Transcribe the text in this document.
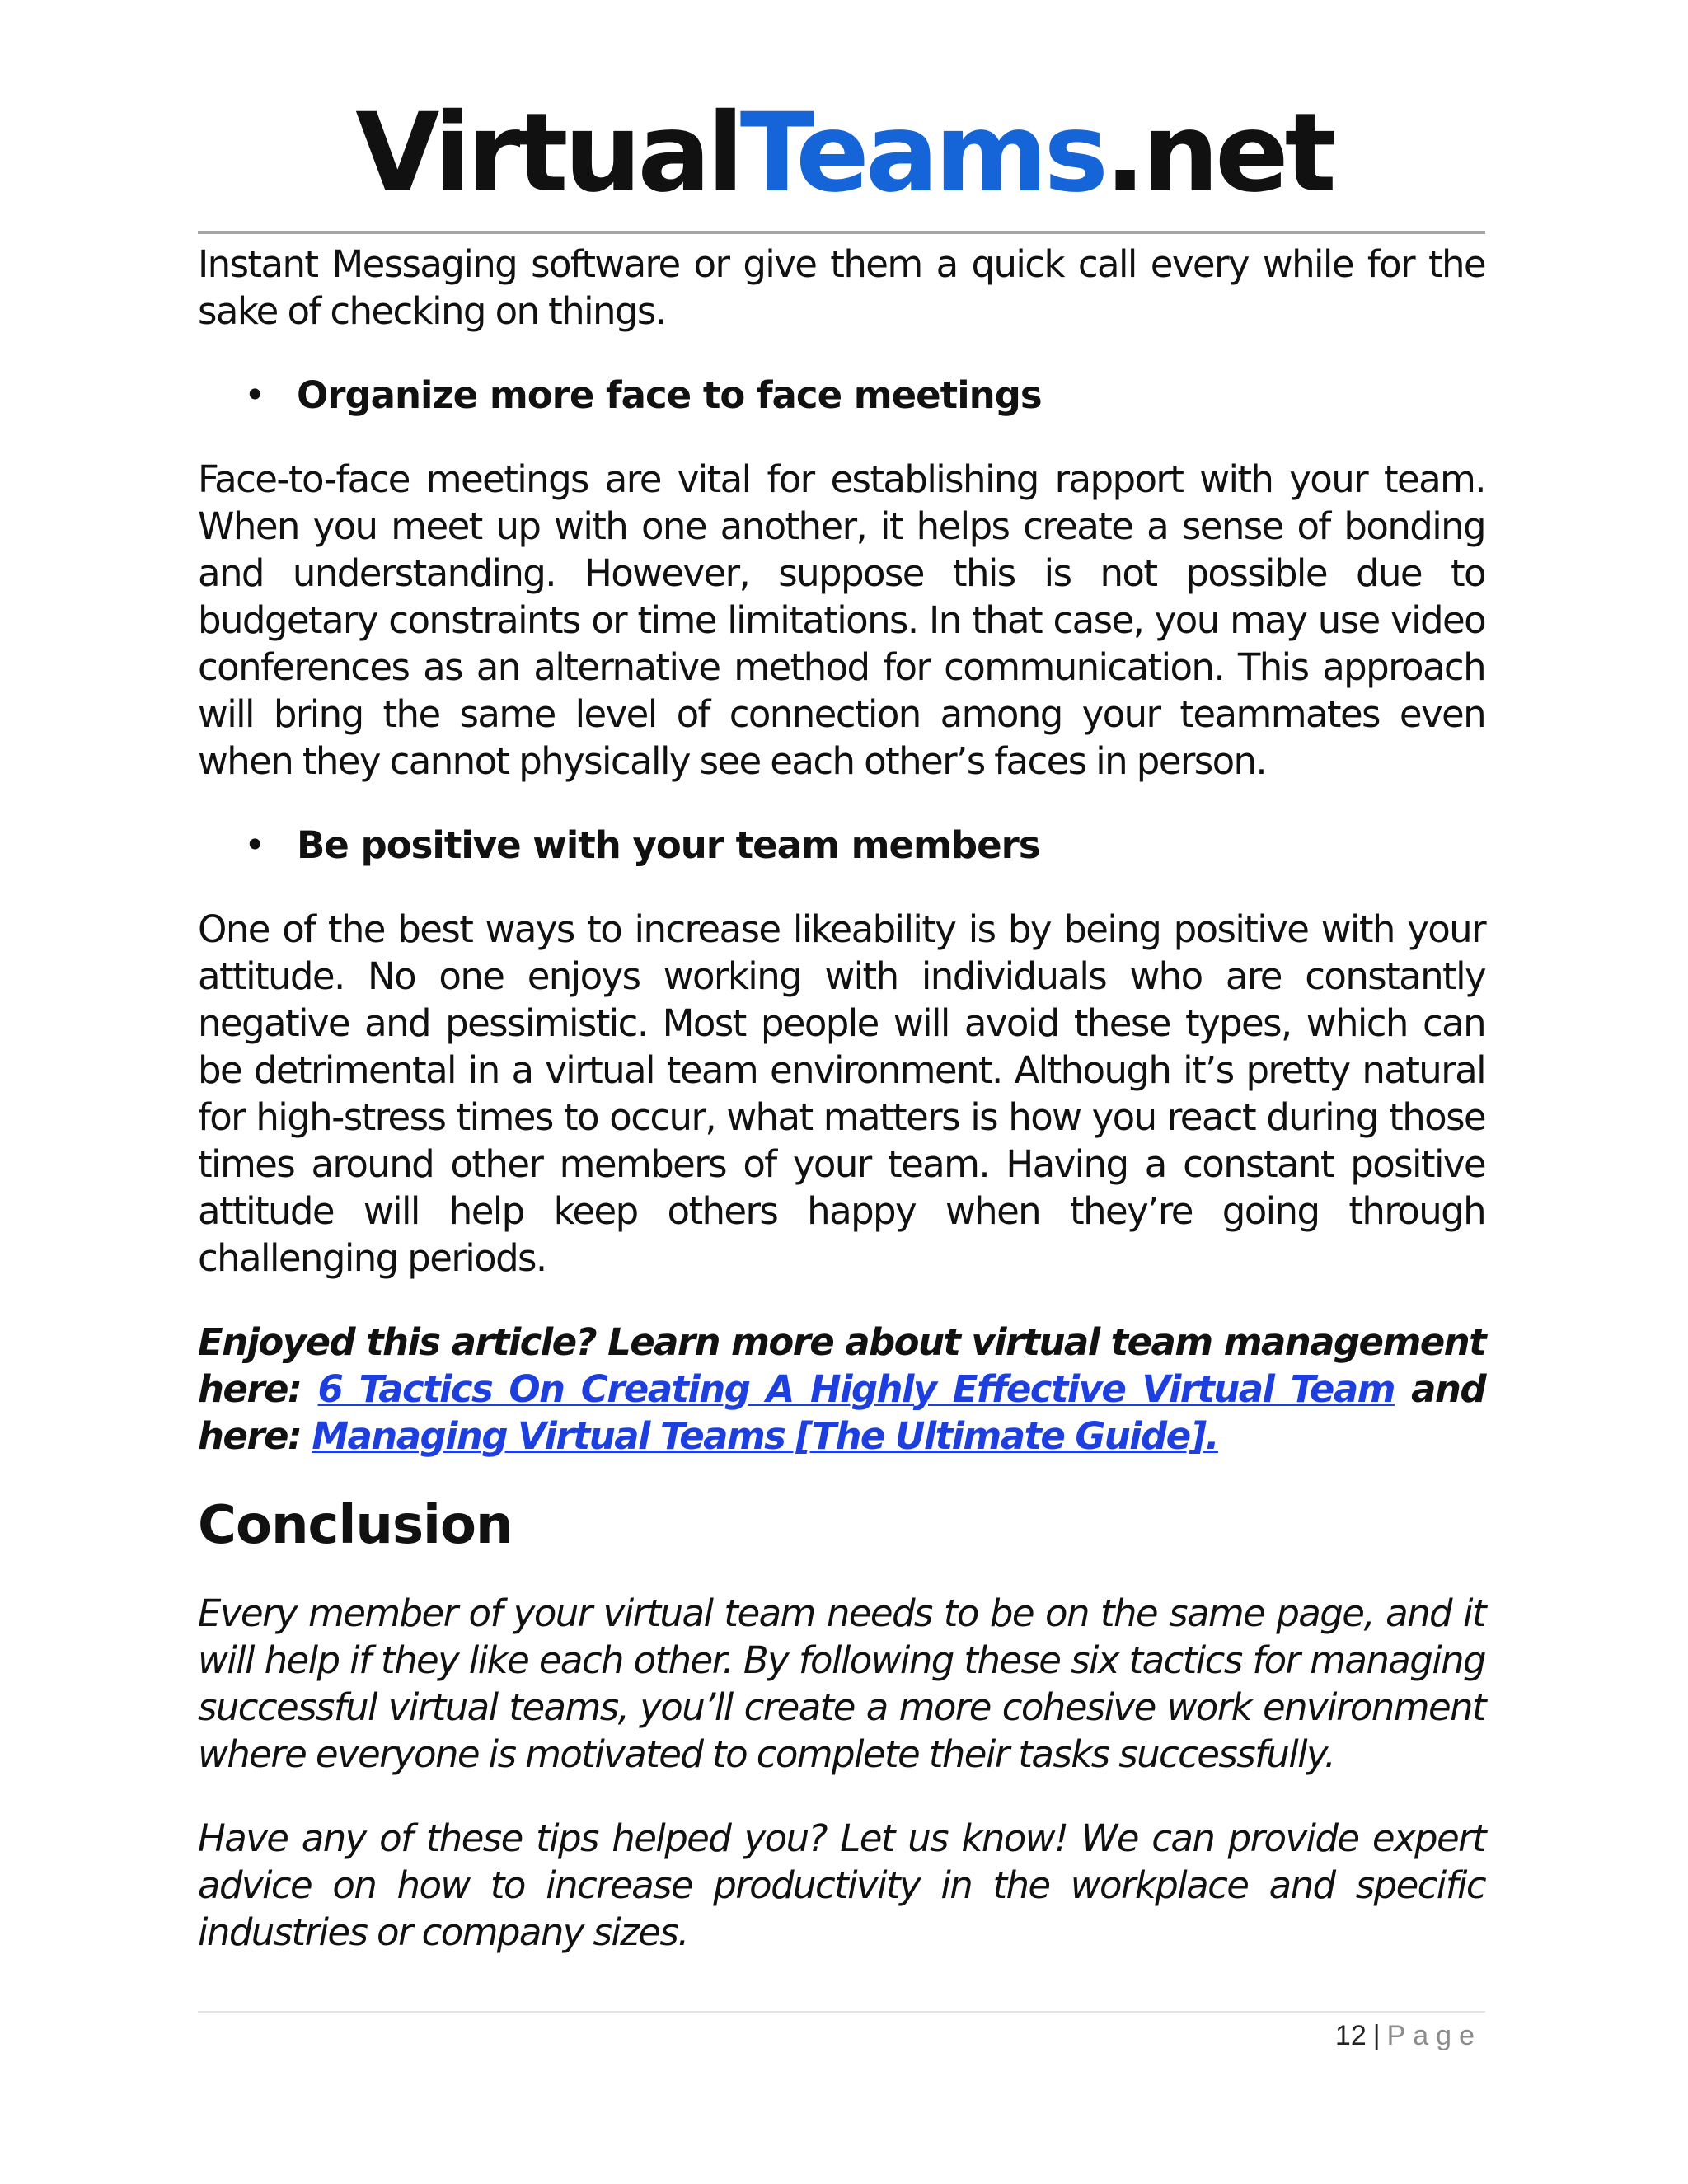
VirtualTeams.net

Instant Messaging software or give them a quick call every while for the sake of checking on things.

• Organize more face to face meetings

Face-to-face meetings are vital for establishing rapport with your team. When you meet up with one another, it helps create a sense of bonding and understanding. However, suppose this is not possible due to budgetary constraints or time limitations. In that case, you may use video conferences as an alternative method for communication. This approach will bring the same level of connection among your teammates even when they cannot physically see each other’s faces in person.

• Be positive with your team members

One of the best ways to increase likeability is by being positive with your attitude. No one enjoys working with individuals who are constantly negative and pessimistic. Most people will avoid these types, which can be detrimental in a virtual team environment. Although it’s pretty natural for high-stress times to occur, what matters is how you react during those times around other members of your team. Having a constant positive attitude will help keep others happy when they’re going through challenging periods.

Enjoyed this article? Learn more about virtual team management here: 6 Tactics On Creating A Highly Effective Virtual Team and here: Managing Virtual Teams [The Ultimate Guide].

Conclusion

Every member of your virtual team needs to be on the same page, and it will help if they like each other. By following these six tactics for managing successful virtual teams, you’ll create a more cohesive work environment where everyone is motivated to complete their tasks successfully.

Have any of these tips helped you? Let us know! We can provide expert advice on how to increase productivity in the workplace and specific industries or company sizes.

12 | Page
